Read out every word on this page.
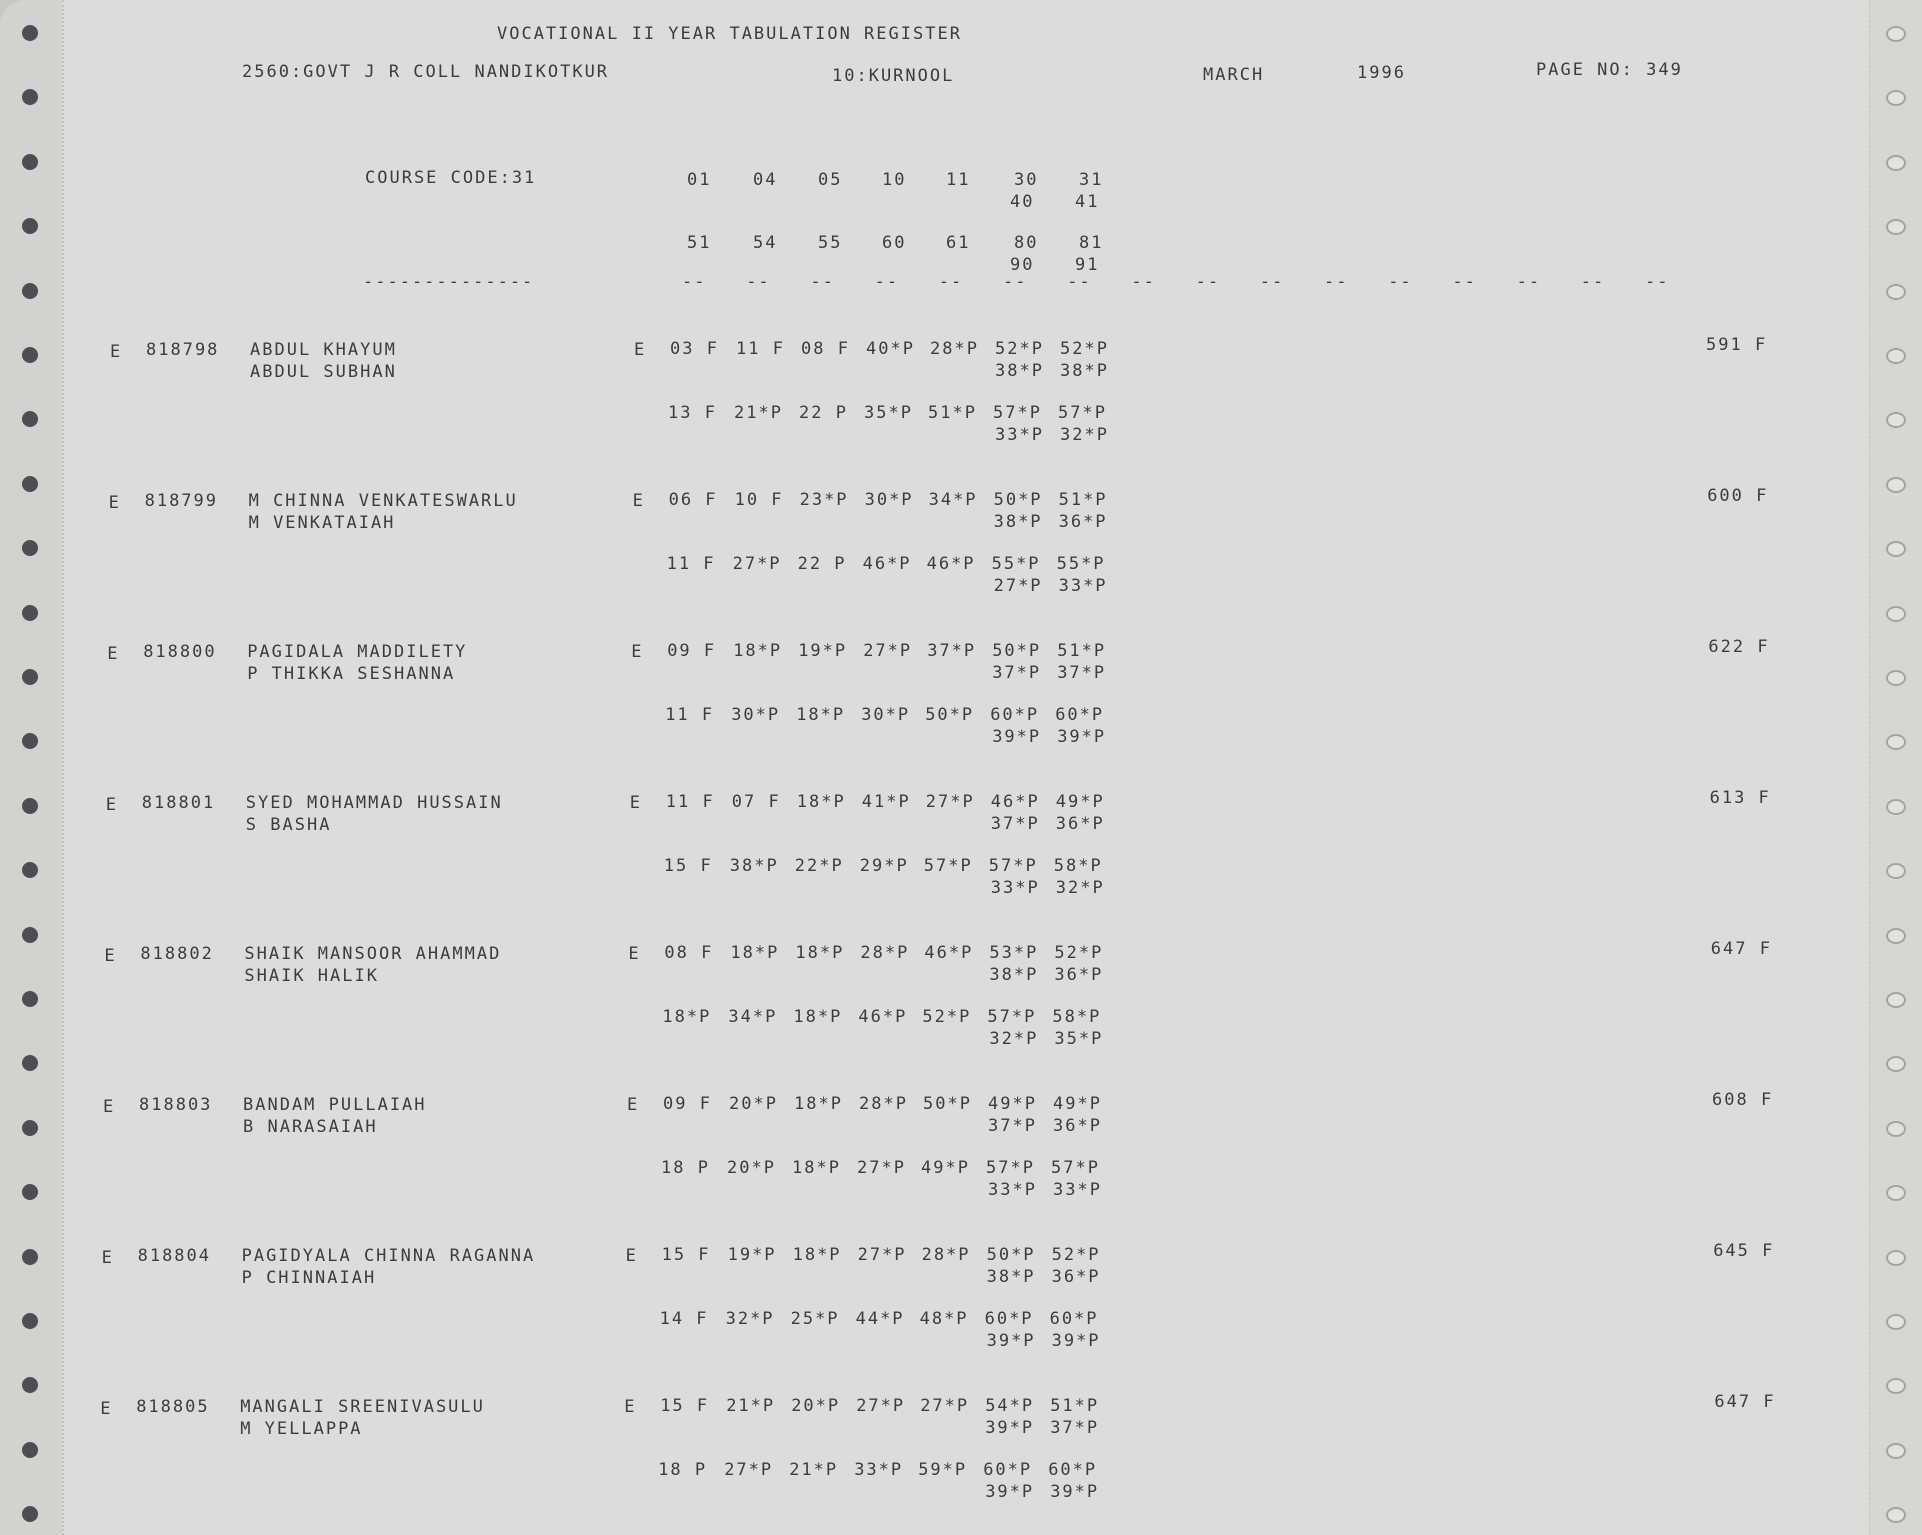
VOCATIONAL II YEAR TABULATION REGISTER
2560:GOVT J R COLL NANDIKOTKUR	10:KURNOOL	MARCH	1996	PAGE NO: 349
COURSE CODE:31
--------------
01 04 05 10 11	30 31
40 41
51 54 55 60 61	80 81
90 91
-- -- -- -- -- -- -- -- -- -- -- -- -- -- -- --
E 818798 ABDUL KHAYUM
ABDUL SUBHAN
E 03 F 11 F 08 F 40*P 28*P 52*P 52*P
38*P 38*P
13 F 21*P 22 P 35*P 51*P 57*P 57*P
33*P 32*P
591 F
E 818799 M CHINNA VENKATESWARLU
M VENKATAIAH
E 06 F 10 F 23*P 30*P 34*P 50*P 51*P
38*P 36*P
11 F 27*P 22 P 46*P 46*P 55*P 55*P
27*P 33*P
600 F
E 818800 PAGIDALA MADDILETY
P THIKKA SESHANNA
E 09 F 18*P 19*P 27*P 37*P 50*P 51*P
37*P 37*P
11 F 30*P 18*P 30*P 50*P 60*P 60*P
39*P 39*P
622 F
E 818801 SYED MOHAMMAD HUSSAIN
S BASHA
E 11 F 07 F 18*P 41*P 27*P 46*P 49*P
37*P 36*P
15 F 38*P 22*P 29*P 57*P 57*P 58*P
33*P 32*P
613 F
E 818802 SHAIK MANSOOR AHAMMAD
SHAIK HALIK
E 08 F 18*P 18*P 28*P 46*P 53*P 52*P
38*P 36*P
18*P 34*P 18*P 46*P 52*P 57*P 58*P
32*P 35*P
647 F
E 818803 BANDAM PULLAIAH
B NARASAIAH
E 09 F 20*P 18*P 28*P 50*P 49*P 49*P
37*P 36*P
18 P 20*P 18*P 27*P 49*P 57*P 57*P
33*P 33*P
608 F
E 818804 PAGIDYALA CHINNA RAGANNA
P CHINNAIAH
E 15 F 19*P 18*P 27*P 28*P 50*P 52*P
38*P 36*P
14 F 32*P 25*P 44*P 48*P 60*P 60*P
39*P 39*P
645 F
E 818805 MANGALI SREENIVASULU
M YELLAPPA
E 15 F 21*P 20*P 27*P 27*P 54*P 51*P
39*P 37*P
18 P 27*P 21*P 33*P 59*P 60*P 60*P
39*P 39*P
647 F
